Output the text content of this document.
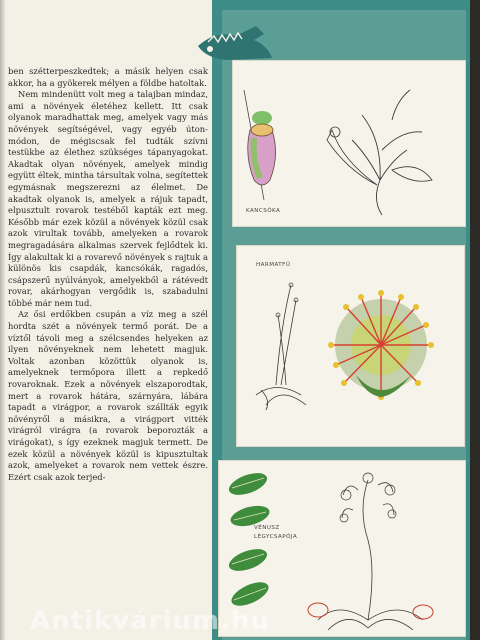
ben szétterpeszkedtek; a másik helyen csak akkor, ha a gyökerek mélyen a földbe hatoltak.

Nem mindenütt volt meg a talajban mindaz, ami a növények életéhez kellett. Itt csak olyanok maradhattak meg, amelyek vagy más növények segítségével, vagy egyéb úton-módon, de mégiscsak fel tudták szívni testükbe az élethez szükséges tápanyagokat. Akadtak olyan növények, amelyek mindig együtt éltek, mintha társultak volna, segítettek egymásnak megszerezni az élelmet. De akadtak olyanok is, amelyek a rájuk tapadt, elpusztult rovarok testéből kapták ezt meg. Később már ezek közül a növények közül csak azok virultak tovább, amelyeken a rovarok megragadására alkalmas szervek fejlődtek ki. Így alakultak ki a rovarevő növények s rajtuk a különös kis csapdák, kancsókák, ragadós, csápszerű nyúlványok, amelyekből a rátévedt rovar, akárhogyan vergődik is, szabadulni többé már nem tud.

Az ősi erdőkben csupán a víz meg a szél hordta szét a növények termő porát. De a víztől távoli meg a szélcsendes helyeken az ilyen növényeknek nem lehetett magjuk. Voltak azonban közöttük olyanok is, amelyeknek termőpora illett a repkedő rovaroknak. Ezek a növények elszaporodtak, mert a rovarok hátára, szárnyára, lábára tapadt a virágpor, a rovarok szállták egyik növényről a másikra, a virágport vitték virágról virágra (a rovarok beporozták a virágokat), s így ezeknek magjuk termett. De ezek közül a növények közül is kipusztultak azok, amelyeket a rovarok nem vettek észre. Ezért csak azok terjed-

KANCSÓKA
HARMATFŰ
VÉNUSZ
LÉGYCSAPÓJA
Antikvárium.hu
